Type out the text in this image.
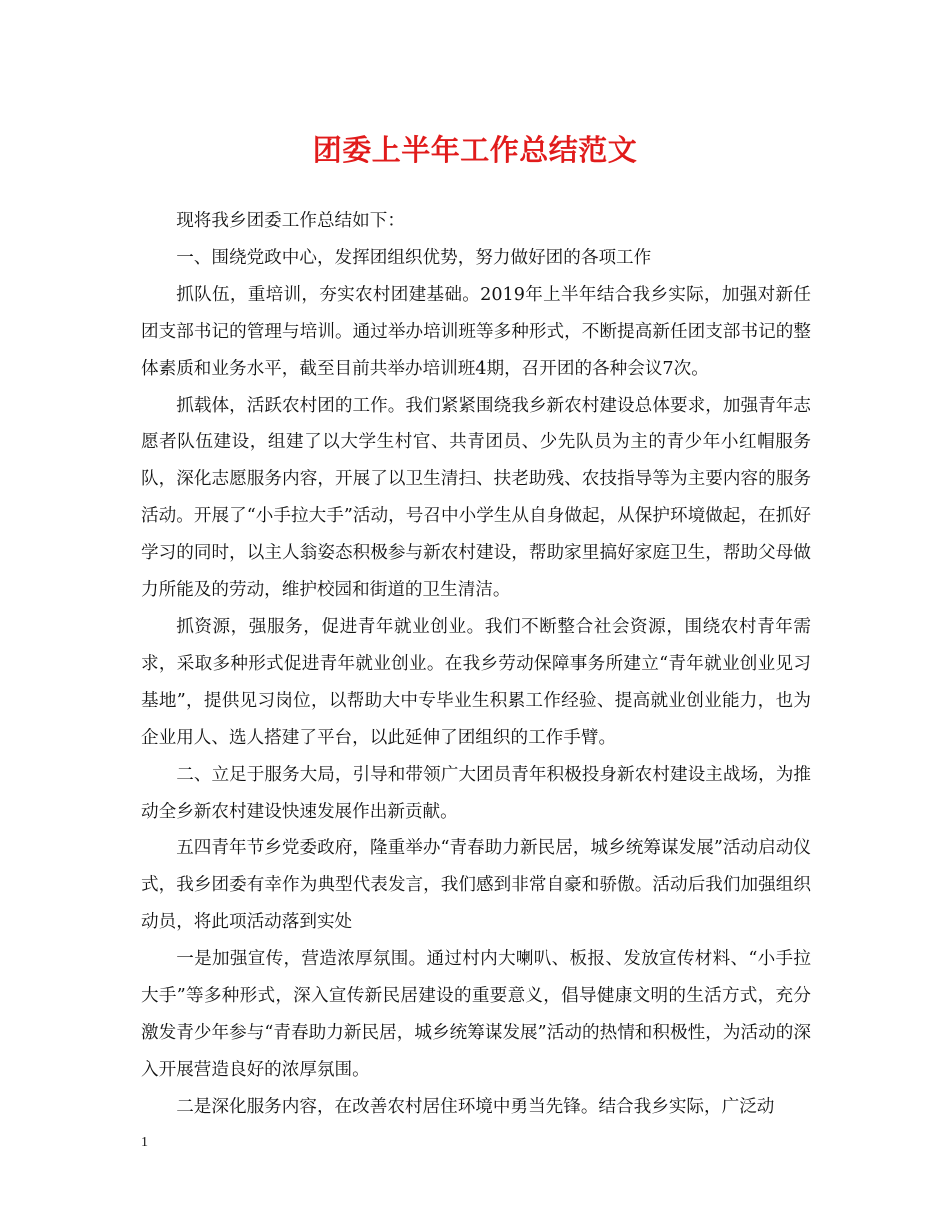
团委上半年工作总结范文

现将我乡团委工作总结如下：

一、围绕党政中心，发挥团组织优势，努力做好团的各项工作

抓队伍，重培训，夯实农村团建基础。2019年上半年结合我乡实际，加强对新任团支部书记的管理与培训。通过举办培训班等多种形式，不断提高新任团支部书记的整体素质和业务水平，截至目前共举办培训班4期，召开团的各种会议7次。

抓载体，活跃农村团的工作。我们紧紧围绕我乡新农村建设总体要求，加强青年志愿者队伍建设，组建了以大学生村官、共青团员、少先队员为主的青少年小红帽服务队，深化志愿服务内容，开展了以卫生清扫、扶老助残、农技指导等为主要内容的服务活动。开展了“小手拉大手”活动，号召中小学生从自身做起，从保护环境做起，在抓好学习的同时，以主人翁姿态积极参与新农村建设，帮助家里搞好家庭卫生，帮助父母做力所能及的劳动，维护校园和街道的卫生清洁。

抓资源，强服务，促进青年就业创业。我们不断整合社会资源，围绕农村青年需求，采取多种形式促进青年就业创业。在我乡劳动保障事务所建立“青年就业创业见习基地”，提供见习岗位，以帮助大中专毕业生积累工作经验、提高就业创业能力，也为企业用人、选人搭建了平台，以此延伸了团组织的工作手臂。

二、立足于服务大局，引导和带领广大团员青年积极投身新农村建设主战场，为推动全乡新农村建设快速发展作出新贡献。

五四青年节乡党委政府，隆重举办“青春助力新民居，城乡统筹谋发展”活动启动仪式，我乡团委有幸作为典型代表发言，我们感到非常自豪和骄傲。活动后我们加强组织动员，将此项活动落到实处

一是加强宣传，营造浓厚氛围。通过村内大喇叭、板报、发放宣传材料、“小手拉大手”等多种形式，深入宣传新民居建设的重要意义，倡导健康文明的生活方式，充分激发青少年参与“青春助力新民居，城乡统筹谋发展”活动的热情和积极性，为活动的深入开展营造良好的浓厚氛围。

二是深化服务内容，在改善农村居住环境中勇当先锋。结合我乡实际，广泛动

1
